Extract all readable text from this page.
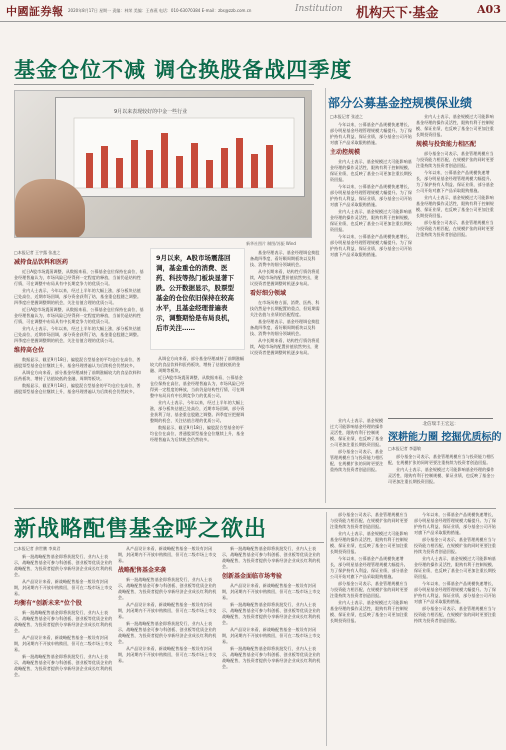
中國証券報 2020年8月17日 星期一 责编：林荣 美编：王春燕 电话：010-63070384 E-mail：zbs@zzb.com.cn	Institution 机构天下·基金	A03
基金仓位不减 调仓换股备战四季度
9月以来表现较好的中金一些行业
新华社图片 制图/苏振 Wind
□本报记者 王宇露 张凌之
减持食品饮料和医药

近日A股市场震荡调整，从数据来看，公募基金仓位保持在高位，基金经理普遍认为，市场风险已经得到一定程度的释放，当前仍是结构性行情，可在调整中布局具有中长期竞争力的优质公司。

业内人士表示，今年以来，经过上半年的大幅上涨，部分板块估值已处高位，近期市场回调，部分资金获利了结，基金重仓股随之调整。四季度应把握调整期的机会，关注估值合理的优质公司。

近日A股市场震荡调整，从数据来看，公募基金仓位保持在高位，基金经理普遍认为，市场风险已经得到一定程度的释放，当前仍是结构性行情，可在调整中布局具有中长期竞争力的优质公司。

业内人士表示，今年以来，经过上半年的大幅上涨，部分板块估值已处高位，近期市场回调，部分资金获利了结，基金重仓股随之调整。四季度应把握调整期的机会，关注估值合理的优质公司。

维持高仓位

数据显示，截至9月18日，偏股混合型基金的平均仓位在高位，普通股票型基金仓位继续上升，基金经理普遍认为后续机会仍然较多。

从调仓方向来看，部分基金经理减持了前期涨幅较大的食品饮料和医药板块，增持了估值较低的金融、周期等板块。

数据显示，截至9月18日，偏股混合型基金的平均仓位在高位，普通股票型基金仓位继续上升，基金经理普遍认为后续机会仍然较多。

9月以来，A股市场震荡回调，基金重仓的消费、医药、科技等热门板块显著下跌。公开数据显示，股票型基金的仓位依旧保持在较高水平，且基金经理普遍表示，调整期恰是布局良机，后市关注……

从调仓方向来看，部分基金经理减持了前期涨幅较大的食品饮料和医药板块，增持了估值较低的金融、周期等板块。

近日A股市场震荡调整，从数据来看，公募基金仓位保持在高位，基金经理普遍认为，市场风险已经得到一定程度的释放，当前仍是结构性行情，可在调整中布局具有中长期竞争力的优质公司。

业内人士表示，今年以来，经过上半年的大幅上涨，部分板块估值已处高位，近期市场回调，部分资金获利了结，基金重仓股随之调整。四季度应把握调整期的机会，关注估值合理的优质公司。

数据显示，截至9月18日，偏股混合型基金的平均仓位在高位，普通股票型基金仓位继续上升，基金经理普遍认为后续机会仍然较多。

基金经理表示，基金经理调仓换股备战四季度，看好顺周期板块以及科技、消费中的细分领域机会。

从中长期来看，结构性行情仍将延续，A股市场的配置价值依然突出，建议投资者把握调整时机逐步布局。

看好细分领域

在市场风格方面，消费、医药、科技仍然是中长期配置的重点，但短期需关注估值与业绩的匹配程度。

基金经理表示，基金经理调仓换股备战四季度，看好顺周期板块以及科技、消费中的细分领域机会。

从中长期来看，结构性行情仍将延续，A股市场的配置价值依然突出，建议投资者把握调整时机逐步布局。

部分公募基金控规模保业绩
□本报记者 张凌之

今年以来，公募基金产品规模快速增长，部分明星基金经理管理规模大幅提升。为了保护持有人利益、保证业绩，部分基金公司开始对旗下产品采取限购措施。

主动控规模

业内人士表示，基金规模过大可能影响基金经理的操作灵活性，限购有利于控制规模、保证业绩，也反映了基金公司更加注重长期投资回报。

今年以来，公募基金产品规模快速增长，部分明星基金经理管理规模大幅提升。为了保护持有人利益、保证业绩，部分基金公司开始对旗下产品采取限购措施。

业内人士表示，基金规模过大可能影响基金经理的操作灵活性，限购有利于控制规模、保证业绩，也反映了基金公司更加注重长期投资回报。

今年以来，公募基金产品规模快速增长，部分明星基金经理管理规模大幅提升。为了保护持有人利益、保证业绩，部分基金公司开始对旗下产品采取限购措施。

业内人士表示，基金规模过大可能影响基金经理的操作灵活性，限购有利于控制规模、保证业绩，也反映了基金公司更加注重长期投资回报。

规模与投资能力相匹配

部分基金公司表示，基金管理规模应当与投资能力相匹配，在规模扩张的同时更要注重持续为投资者创造回报。

今年以来，公募基金产品规模快速增长，部分明星基金经理管理规模大幅提升。为了保护持有人利益、保证业绩，部分基金公司开始对旗下产品采取限购措施。

业内人士表示，基金规模过大可能影响基金经理的操作灵活性，限购有利于控制规模、保证业绩，也反映了基金公司更加注重长期投资回报。

部分基金公司表示，基金管理规模应当与投资能力相匹配，在规模扩张的同时更要注重持续为投资者创造回报。

北信瑞丰王宏远：
深耕能力圈 挖掘优质标的

业内人士表示，基金规模过大可能影响基金经理的操作灵活性，限购有利于控制规模、保证业绩，也反映了基金公司更加注重长期投资回报。

部分基金公司表示，基金管理规模应当与投资能力相匹配，在规模扩张的同时更要注重持续为投资者创造回报。

□本报记者 李惠敏

部分基金公司表示，基金管理规模应当与投资能力相匹配，在规模扩张的同时更要注重持续为投资者创造回报。

业内人士表示，基金规模过大可能影响基金经理的操作灵活性，限购有利于控制规模、保证业绩，也反映了基金公司更加注重长期投资回报。

新战略配售基金呼之欲出
□本报记者 余世鹏 李岚君

新一批战略配售基金即将获批发行，业内人士表示，战略配售基金可参与科创板、创业板等优质企业的战略配售，为投资者提供分享新经济企业成长红利的机会。

从产品设计来看，新战略配售基金一般设有封闭期，封闭期内不开放申购赎回，但可在二级市场上市交易。

均衡有“创新未来”位个股

新一批战略配售基金即将获批发行，业内人士表示，战略配售基金可参与科创板、创业板等优质企业的战略配售，为投资者提供分享新经济企业成长红利的机会。

从产品设计来看，新战略配售基金一般设有封闭期，封闭期内不开放申购赎回，但可在二级市场上市交易。

新一批战略配售基金即将获批发行，业内人士表示，战略配售基金可参与科创板、创业板等优质企业的战略配售，为投资者提供分享新经济企业成长红利的机会。

从产品设计来看，新战略配售基金一般设有封闭期，封闭期内不开放申购赎回，但可在二级市场上市交易。

战略配售基金来袭

新一批战略配售基金即将获批发行，业内人士表示，战略配售基金可参与科创板、创业板等优质企业的战略配售，为投资者提供分享新经济企业成长红利的机会。

从产品设计来看，新战略配售基金一般设有封闭期，封闭期内不开放申购赎回，但可在二级市场上市交易。

新一批战略配售基金即将获批发行，业内人士表示，战略配售基金可参与科创板、创业板等优质企业的战略配售，为投资者提供分享新经济企业成长红利的机会。

从产品设计来看，新战略配售基金一般设有封闭期，封闭期内不开放申购赎回，但可在二级市场上市交易。

新一批战略配售基金即将获批发行，业内人士表示，战略配售基金可参与科创板、创业板等优质企业的战略配售，为投资者提供分享新经济企业成长红利的机会。

创新基金面临市场考验

从产品设计来看，新战略配售基金一般设有封闭期，封闭期内不开放申购赎回，但可在二级市场上市交易。

新一批战略配售基金即将获批发行，业内人士表示，战略配售基金可参与科创板、创业板等优质企业的战略配售，为投资者提供分享新经济企业成长红利的机会。

从产品设计来看，新战略配售基金一般设有封闭期，封闭期内不开放申购赎回，但可在二级市场上市交易。

新一批战略配售基金即将获批发行，业内人士表示，战略配售基金可参与科创板、创业板等优质企业的战略配售，为投资者提供分享新经济企业成长红利的机会。

部分基金公司表示，基金管理规模应当与投资能力相匹配，在规模扩张的同时更要注重持续为投资者创造回报。

业内人士表示，基金规模过大可能影响基金经理的操作灵活性，限购有利于控制规模、保证业绩，也反映了基金公司更加注重长期投资回报。

今年以来，公募基金产品规模快速增长，部分明星基金经理管理规模大幅提升。为了保护持有人利益、保证业绩，部分基金公司开始对旗下产品采取限购措施。

部分基金公司表示，基金管理规模应当与投资能力相匹配，在规模扩张的同时更要注重持续为投资者创造回报。

业内人士表示，基金规模过大可能影响基金经理的操作灵活性，限购有利于控制规模、保证业绩，也反映了基金公司更加注重长期投资回报。

今年以来，公募基金产品规模快速增长，部分明星基金经理管理规模大幅提升。为了保护持有人利益、保证业绩，部分基金公司开始对旗下产品采取限购措施。

部分基金公司表示，基金管理规模应当与投资能力相匹配，在规模扩张的同时更要注重持续为投资者创造回报。

业内人士表示，基金规模过大可能影响基金经理的操作灵活性，限购有利于控制规模、保证业绩，也反映了基金公司更加注重长期投资回报。

今年以来，公募基金产品规模快速增长，部分明星基金经理管理规模大幅提升。为了保护持有人利益、保证业绩，部分基金公司开始对旗下产品采取限购措施。

部分基金公司表示，基金管理规模应当与投资能力相匹配，在规模扩张的同时更要注重持续为投资者创造回报。
